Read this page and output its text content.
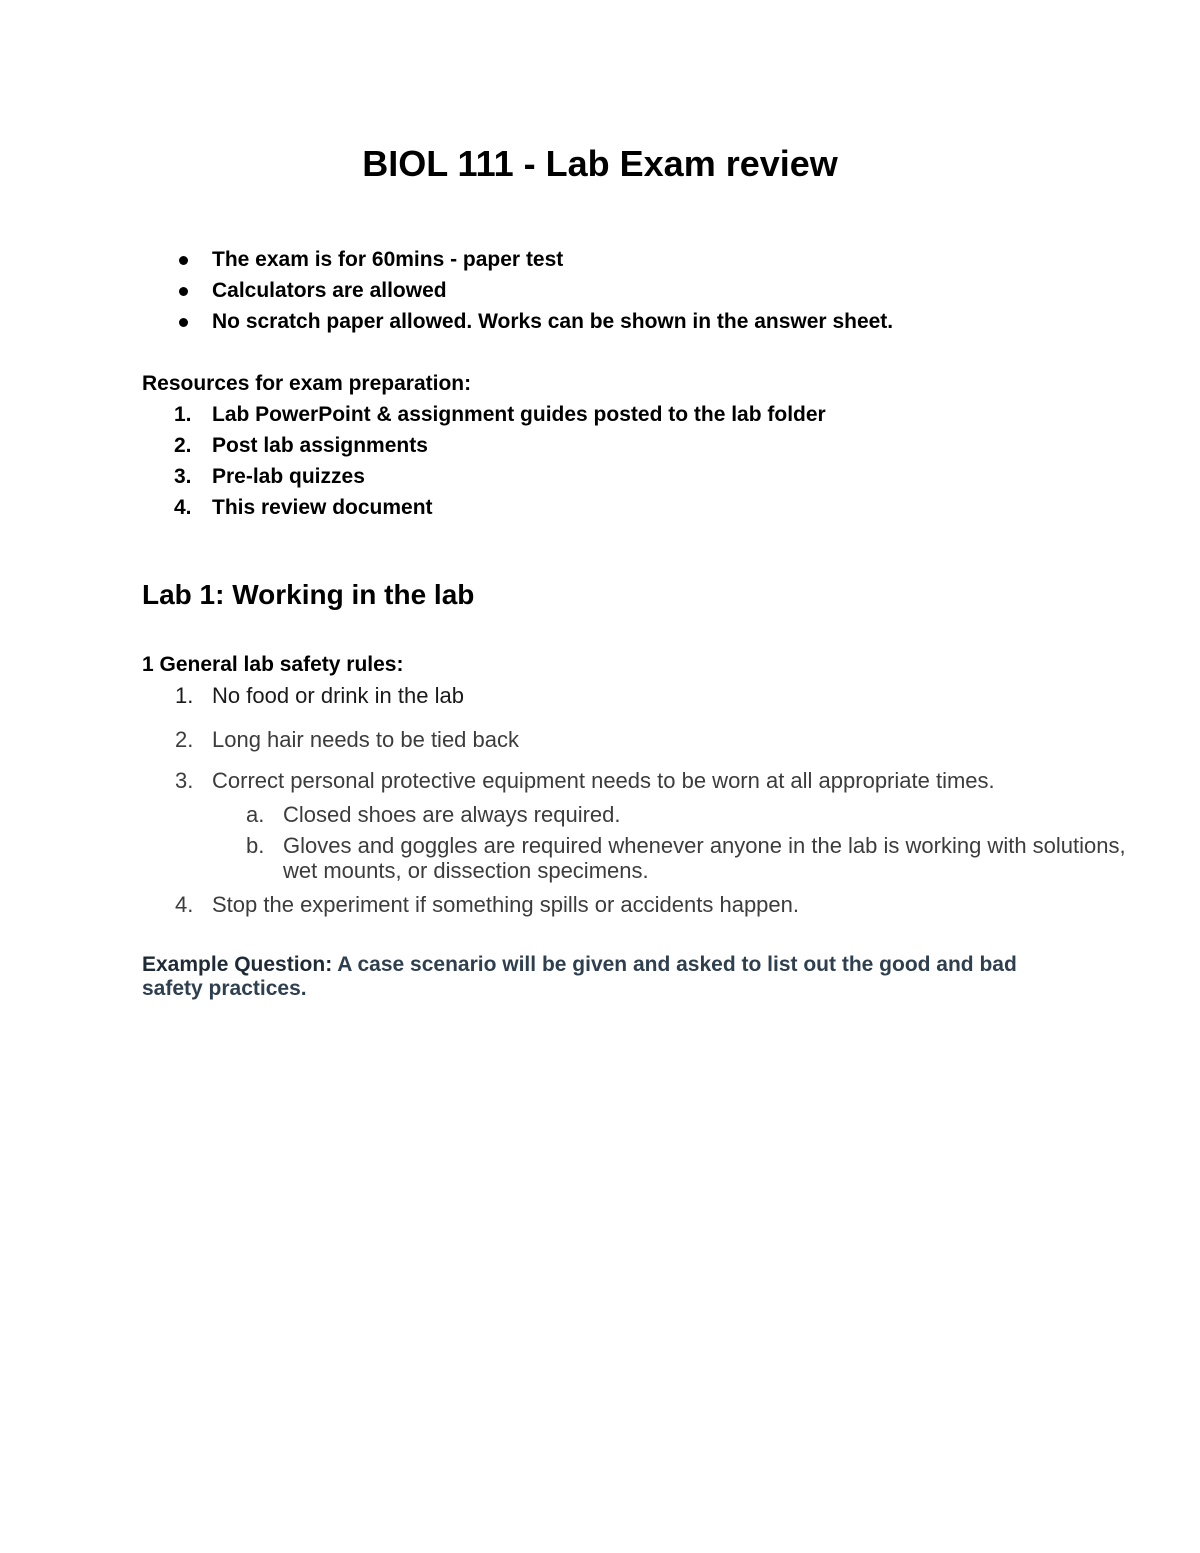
BIOL 111 - Lab Exam review
The exam is for 60mins - paper test
Calculators are allowed
No scratch paper allowed. Works can be shown in the answer sheet.

Resources for exam preparation:

1. Lab PowerPoint & assignment guides posted to the lab folder
2. Post lab assignments
3. Pre-lab quizzes
4. This review document
Lab 1: Working in the lab

1 General lab safety rules:

1. No food or drink in the lab
2. Long hair needs to be tied back
3. Correct personal protective equipment needs to be worn at all appropriate times.
a. Closed shoes are always required.
b. Gloves and goggles are required whenever anyone in the lab is working with solutions, wet mounts, or dissection specimens.
4. Stop the experiment if something spills or accidents happen.

Example Question: A case scenario will be given and asked to list out the good and bad safety practices.
